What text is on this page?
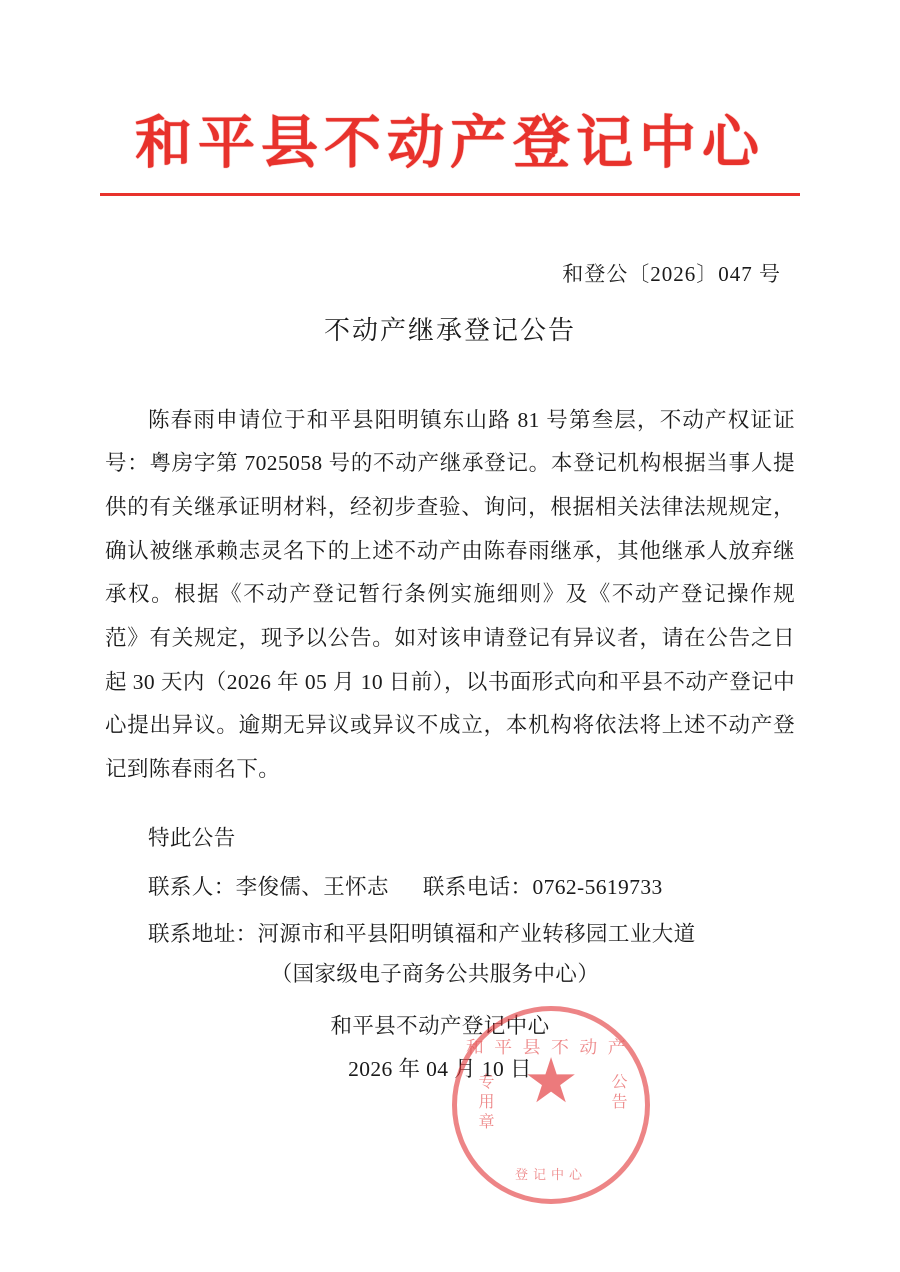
和平县不动产登记中心
和登公〔2026〕047 号
不动产继承登记公告
陈春雨申请位于和平县阳明镇东山路 81 号第叁层，不动产权证证号：粤房字第 7025058 号的不动产继承登记。本登记机构根据当事人提供的有关继承证明材料，经初步查验、询问，根据相关法律法规规定，确认被继承赖志灵名下的上述不动产由陈春雨继承，其他继承人放弃继承权。根据《不动产登记暂行条例实施细则》及《不动产登记操作规范》有关规定，现予以公告。如对该申请登记有异议者，请在公告之日起 30 天内（2026 年 05 月 10 日前），以书面形式向和平县不动产登记中心提出异议。逾期无异议或异议不成立，本机构将依法将上述不动产登记到陈春雨名下。
特此公告
联系人：李俊儒、王怀志 联系电话：0762-5619733
联系地址：河源市和平县阳明镇福和产业转移园工业大道
（国家级电子商务公共服务中心）
和平县不动产登记中心
2026 年 04 月 10 日
和平县不动产
专用章	公告
★
登记中心
